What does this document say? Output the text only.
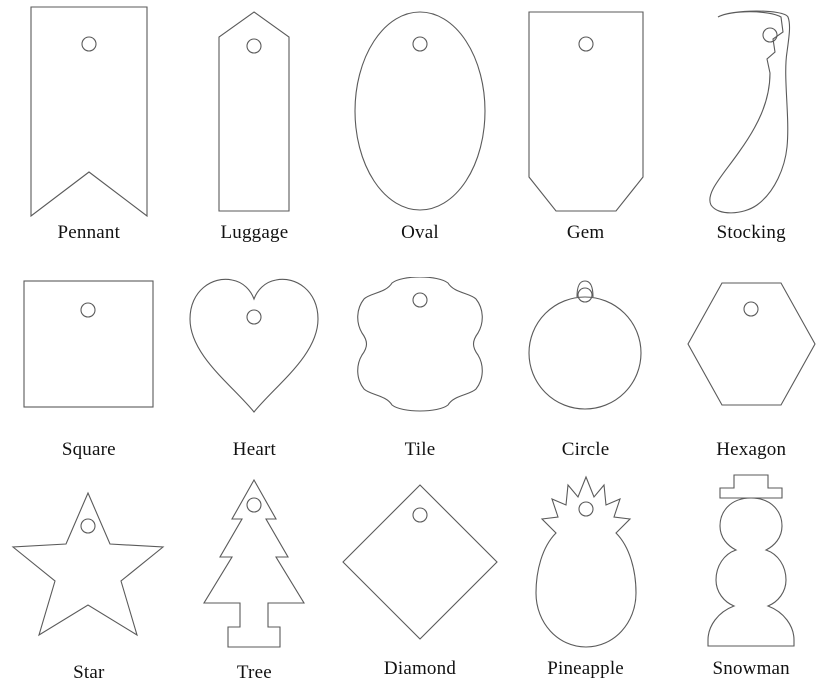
Pennant	Luggage	Oval	Gem	Stocking
Square	Heart	Tile	Circle	Hexagon
Star	Tree	Diamond	Pineapple	Snowman
